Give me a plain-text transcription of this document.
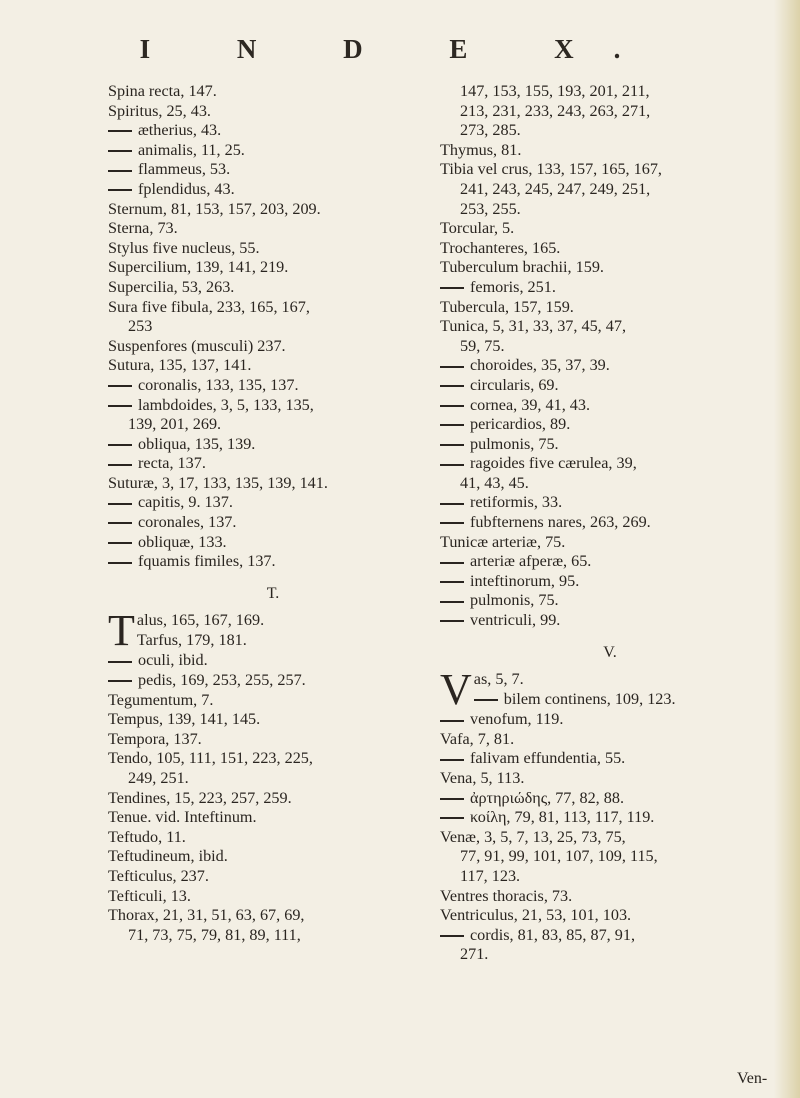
I N D E X.
Spina recta, 147.
Spiritus, 25, 43.
ætherius, 43.
animalis, 11, 25.
flammeus, 53.
fplendidus, 43.
Sternum, 81, 153, 157, 203, 209.
Sterna, 73.
Stylus five nucleus, 55.
Supercilium, 139, 141, 219.
Supercilia, 53, 263.
Sura five fibula, 233, 165, 167,
253
Suspenfores (musculi) 237.
Sutura, 135, 137, 141.
coronalis, 133, 135, 137.
lambdoides, 3, 5, 133, 135,
139, 201, 269.
obliqua, 135, 139.
recta, 137.
Suturæ, 3, 17, 133, 135, 139, 141.
capitis, 9. 137.
coronales, 137.
obliquæ, 133.
fquamis fimiles, 137.
T.
T alus, 165, 167, 169.
Tarfus, 179, 181.
oculi, ibid.
pedis, 169, 253, 255, 257.
Tegumentum, 7.
Tempus, 139, 141, 145.
Tempora, 137.
Tendo, 105, 111, 151, 223, 225,
249, 251.
Tendines, 15, 223, 257, 259.
Tenue. vid. Inteftinum.
Teftudo, 11.
Teftudineum, ibid.
Tefticulus, 237.
Tefticuli, 13.
Thorax, 21, 31, 51, 63, 67, 69,
71, 73, 75, 79, 81, 89, 111,
147, 153, 155, 193, 201, 211,
213, 231, 233, 243, 263, 271,
273, 285.
Thymus, 81.
Tibia vel crus, 133, 157, 165, 167,
241, 243, 245, 247, 249, 251,
253, 255.
Torcular, 5.
Trochanteres, 165.
Tuberculum brachii, 159.
femoris, 251.
Tubercula, 157, 159.
Tunica, 5, 31, 33, 37, 45, 47,
59, 75.
choroides, 35, 37, 39.
circularis, 69.
cornea, 39, 41, 43.
pericardios, 89.
pulmonis, 75.
ragoides five cærulea, 39,
41, 43, 45.
retiformis, 33.
fubfternens nares, 263, 269.
Tunicæ arteriæ, 75.
arteriæ afperæ, 65.
inteftinorum, 95.
pulmonis, 75.
ventriculi, 99.
V.
V as, 5, 7.
bilem continens, 109, 123.
venofum, 119.
Vafa, 7, 81.
falivam effundentia, 55.
Vena, 5, 113.
ἀρτηριώδης, 77, 82, 88.
κοίλη, 79, 81, 113, 117, 119.
Venæ, 3, 5, 7, 13, 25, 73, 75,
77, 91, 99, 101, 107, 109, 115,
117, 123.
Ventres thoracis, 73.
Ventriculus, 21, 53, 101, 103.
cordis, 81, 83, 85, 87, 91,
271.
Ven-
